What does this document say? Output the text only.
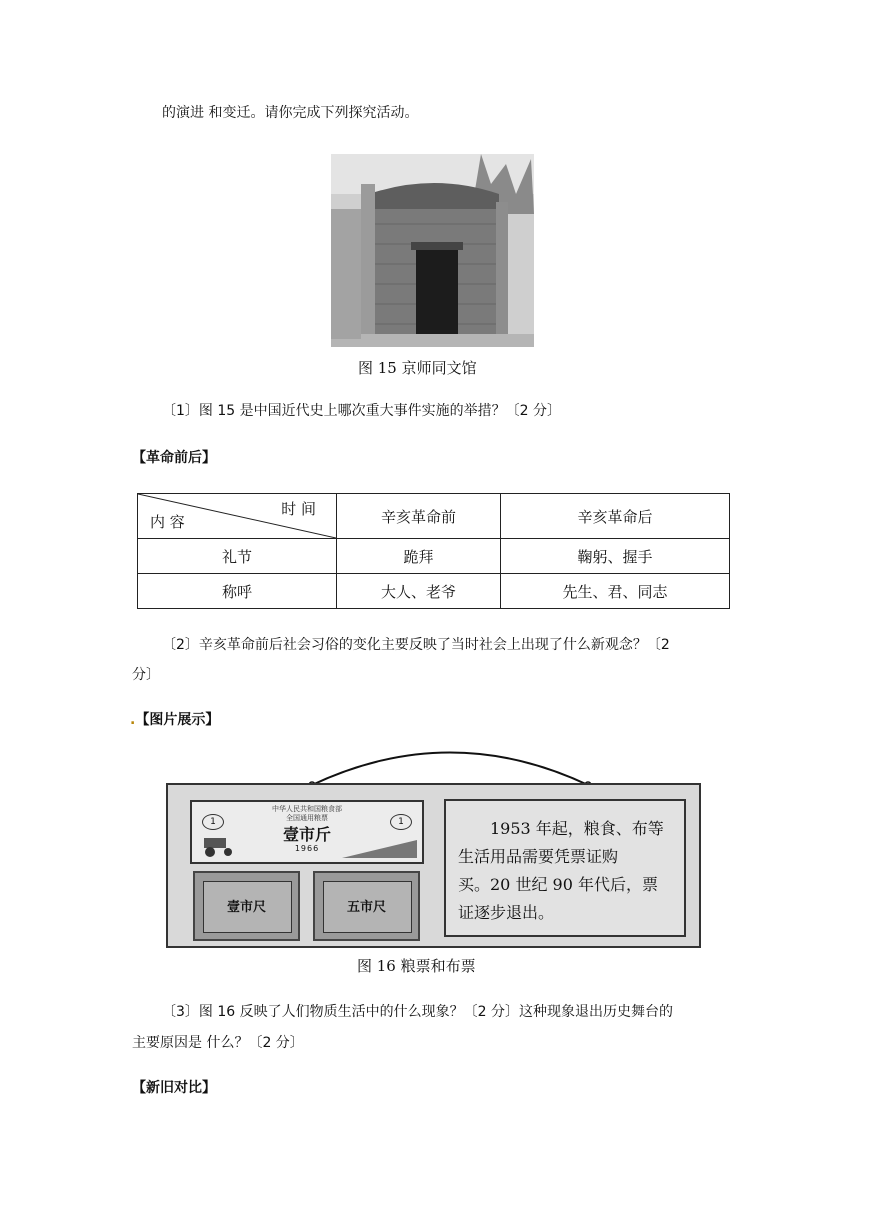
的演进 和变迁。请你完成下列探究活动。
图 15 京师同文馆
〔1〕图 15 是中国近代史上哪次重大事件实施的举措？〔2 分〕
【革命前后】
时 间
内 容	辛亥革命前	辛亥革命后
礼节	跪拜	鞠躬、握手
称呼	大人、老爷	先生、君、同志
〔2〕辛亥革命前后社会习俗的变化主要反映了当时社会上出现了什么新观念？〔2
分〕
.【图片展示】
中华人民共和国粮食部
全国通用粮票
1	1
壹市斤
1966
壹市尺	五市尺
1953 年起，粮食、布等
生活用品需要凭票证购
买。20 世纪 90 年代后，票
证逐步退出。
图 16 粮票和布票
〔3〕图 16 反映了人们物质生活中的什么现象？〔2 分〕这种现象退出历史舞台的
主要原因是 什么？〔2 分〕
【新旧对比】
